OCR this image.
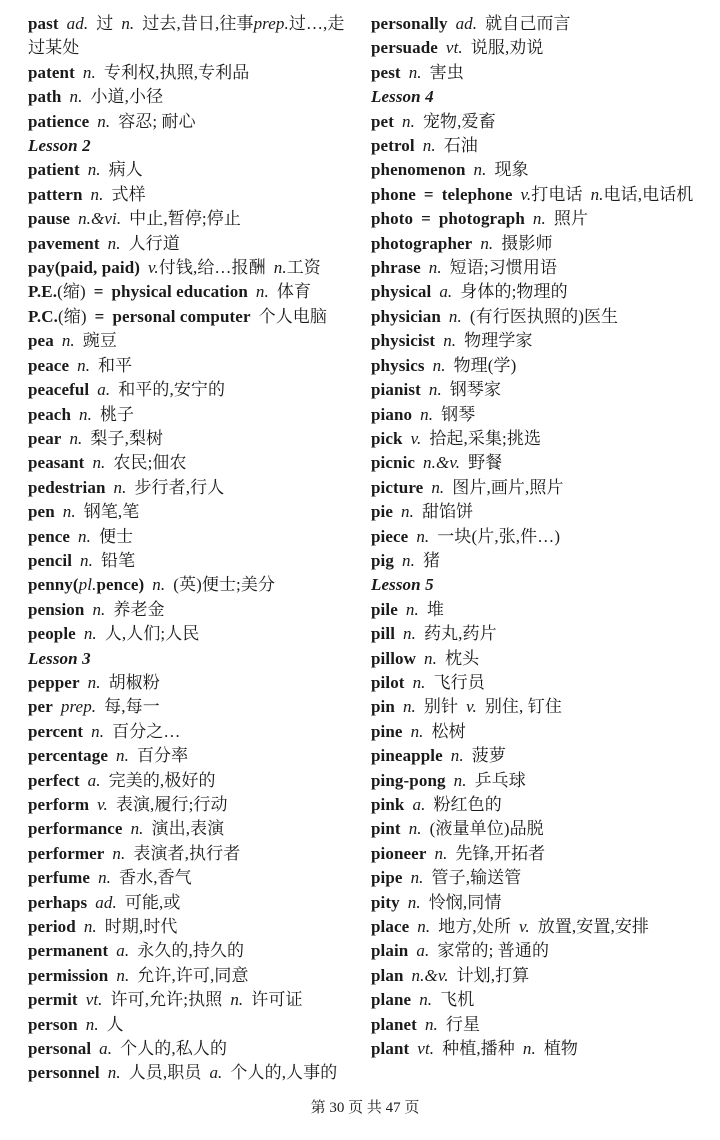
past ad. 过 n. 过去,昔日,往事prep.过…,走过某处
patent n. 专利权,执照,专利品
path n. 小道,小径
patience n. 容忍; 耐心
Lesson 2
patient n. 病人
pattern n. 式样
pause n.&vi. 中止,暂停;停止
pavement n. 人行道
pay(paid, paid) v.付钱,给…报酬 n.工资
P.E.(缩) = physical education n. 体育
P.C.(缩) = personal computer 个人电脑
pea n. 豌豆
peace n. 和平
peaceful a. 和平的,安宁的
peach n. 桃子
pear n. 梨子,梨树
peasant n. 农民;佃农
pedestrian n. 步行者,行人
pen n. 钢笔,笔
pence n. 便士
pencil n. 铅笔
penny(pl.pence) n. (英)便士;美分
pension n. 养老金
people n. 人,人们;人民
Lesson 3
pepper n. 胡椒粉
per prep. 每,每一
percent n. 百分之…
percentage n. 百分率
perfect a. 完美的,极好的
perform v. 表演,履行;行动
performance n. 演出,表演
performer n. 表演者,执行者
perfume n. 香水,香气
perhaps ad. 可能,或
period n. 时期,时代
permanent a. 永久的,持久的
permission n. 允许,许可,同意
permit vt. 许可,允许;执照 n. 许可证
person n. 人
personal a. 个人的,私人的
personnel n. 人员,职员 a. 个人的,人事的
personally ad. 就自己而言
persuade vt. 说服,劝说
pest n. 害虫
Lesson 4
pet n. 宠物,爱畜
petrol n. 石油
phenomenon n. 现象
phone = telephone v.打电话 n.电话,电话机
photo = photograph n. 照片
photographer n. 摄影师
phrase n. 短语;习惯用语
physical a. 身体的;物理的
physician n. (有行医执照的)医生
physicist n. 物理学家
physics n. 物理(学)
pianist n. 钢琴家
piano n. 钢琴
pick v. 拾起,采集;挑选
picnic n.&v. 野餐
picture n. 图片,画片,照片
pie n. 甜馅饼
piece n. 一块(片,张,件…)
pig n. 猪
Lesson 5
pile n. 堆
pill n. 药丸,药片
pillow n. 枕头
pilot n. 飞行员
pin n. 别针 v. 别住, 钉住
pine n. 松树
pineapple n. 菠萝
ping-pong n. 乒乓球
pink a. 粉红色的
pint n. (液量单位)品脱
pioneer n. 先锋,开拓者
pipe n. 管子,输送管
pity n. 怜悯,同情
place n. 地方,处所 v. 放置,安置,安排
plain a. 家常的; 普通的
plan n.&v. 计划,打算
plane n. 飞机
planet n. 行星
plant vt. 种植,播种 n. 植物
第 30 页 共 47 页
